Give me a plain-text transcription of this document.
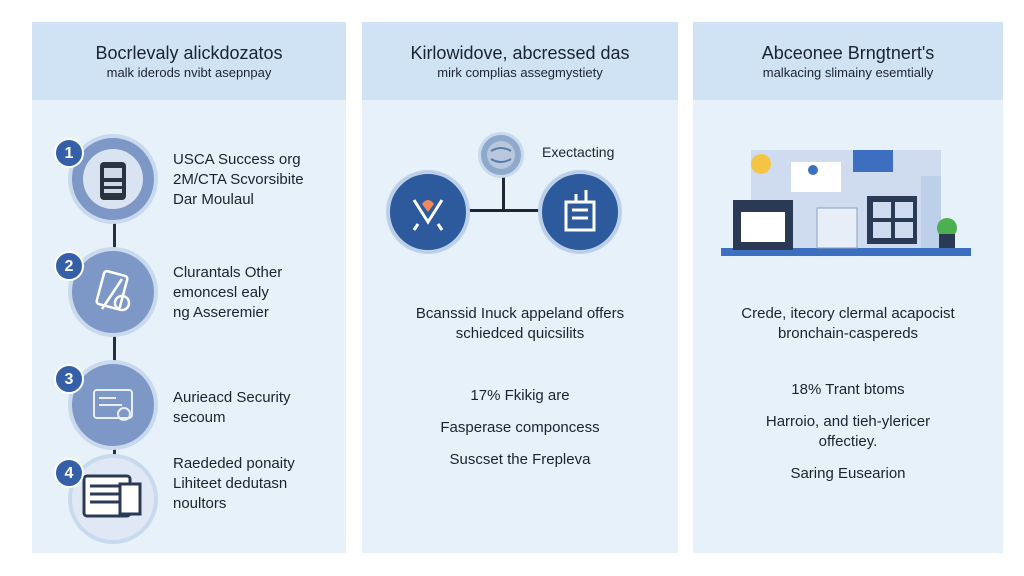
Bocrlevaly alickdozatos
malk iderods nvibt asepnpay
1	USCA Success org
2M/CTA Scvorsibite
Dar Moulaul
2	Clurantals Other
emoncesl ealy
ng Asseremier
3
Aurieacd Security
secoum
4
Raededed ponaity
Lihiteet dedutasn
noultors
Kirlowidove, abcressed das
mirk complias assegmystiety
Exectacting
Bcanssid Inuck appeland offers
schiedced quicsilits
17% Fkikig are
Fasperase componcess
Suscset the Frepleva
Abceonee Brngtnert's
malkacing slimainy esemtially
Crede, itecory clermal acapocist
bronchain-caspereds
18% Trant btoms
Harroio, and tieh-ylericer
offectiey.
Saring Eusearion
